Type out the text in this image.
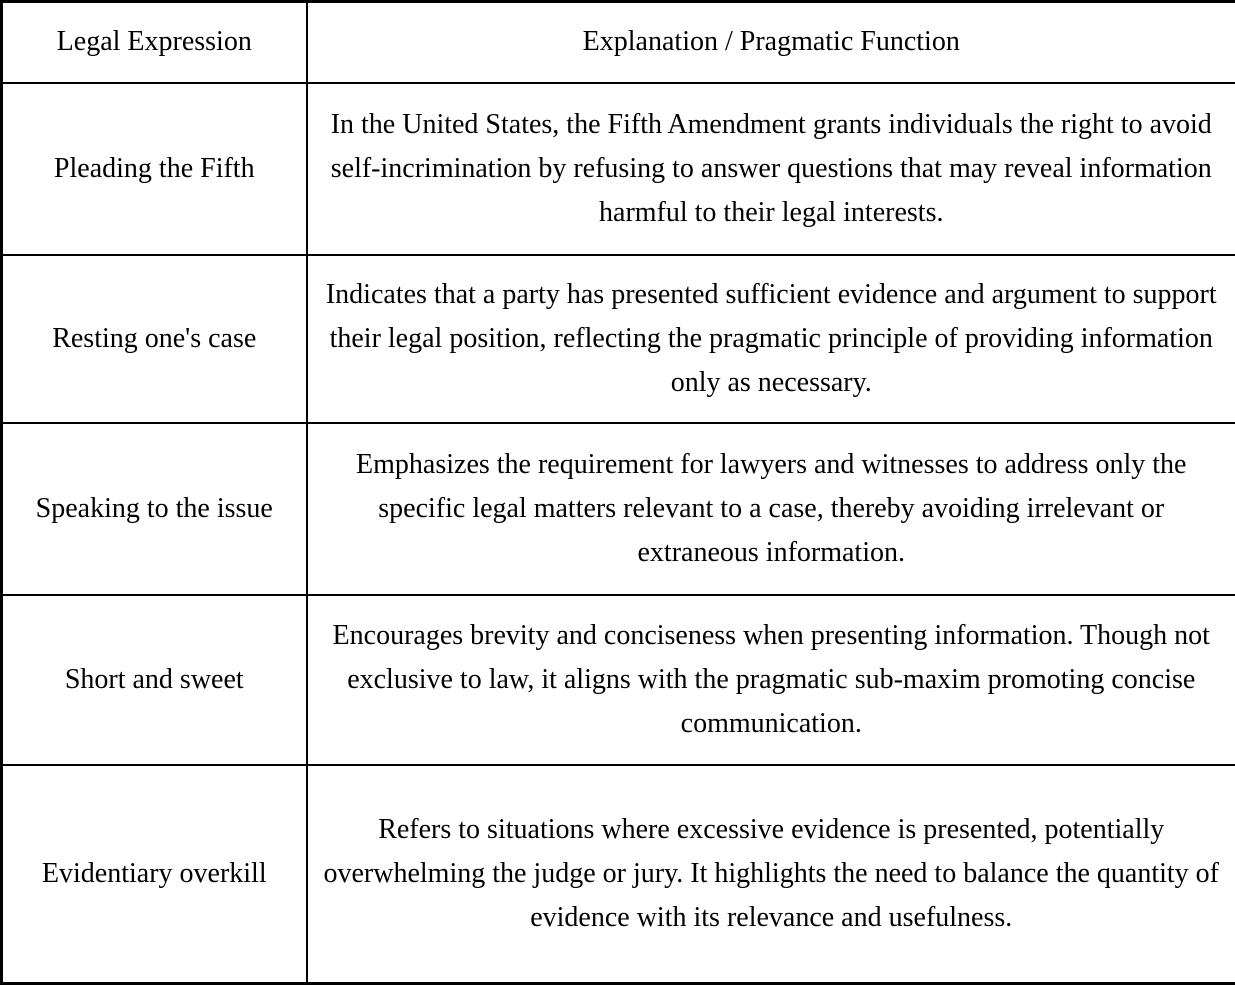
Legal Expression	Explanation / Pragmatic Function
Pleading the Fifth	In the United States, the Fifth Amendment grants individuals the right to avoid self-incrimination by refusing to answer questions that may reveal information harmful to their legal interests.
Resting one's case	Indicates that a party has presented sufficient evidence and argument to support their legal position, reflecting the pragmatic principle of providing information only as necessary.
Speaking to the issue	Emphasizes the requirement for lawyers and witnesses to address only the specific legal matters relevant to a case, thereby avoiding irrelevant or extraneous information.
Short and sweet	Encourages brevity and conciseness when presenting information. Though not exclusive to law, it aligns with the pragmatic sub-maxim promoting concise communication.
Evidentiary overkill	Refers to situations where excessive evidence is presented, potentially overwhelming the judge or jury. It highlights the need to balance the quantity of evidence with its relevance and usefulness.
